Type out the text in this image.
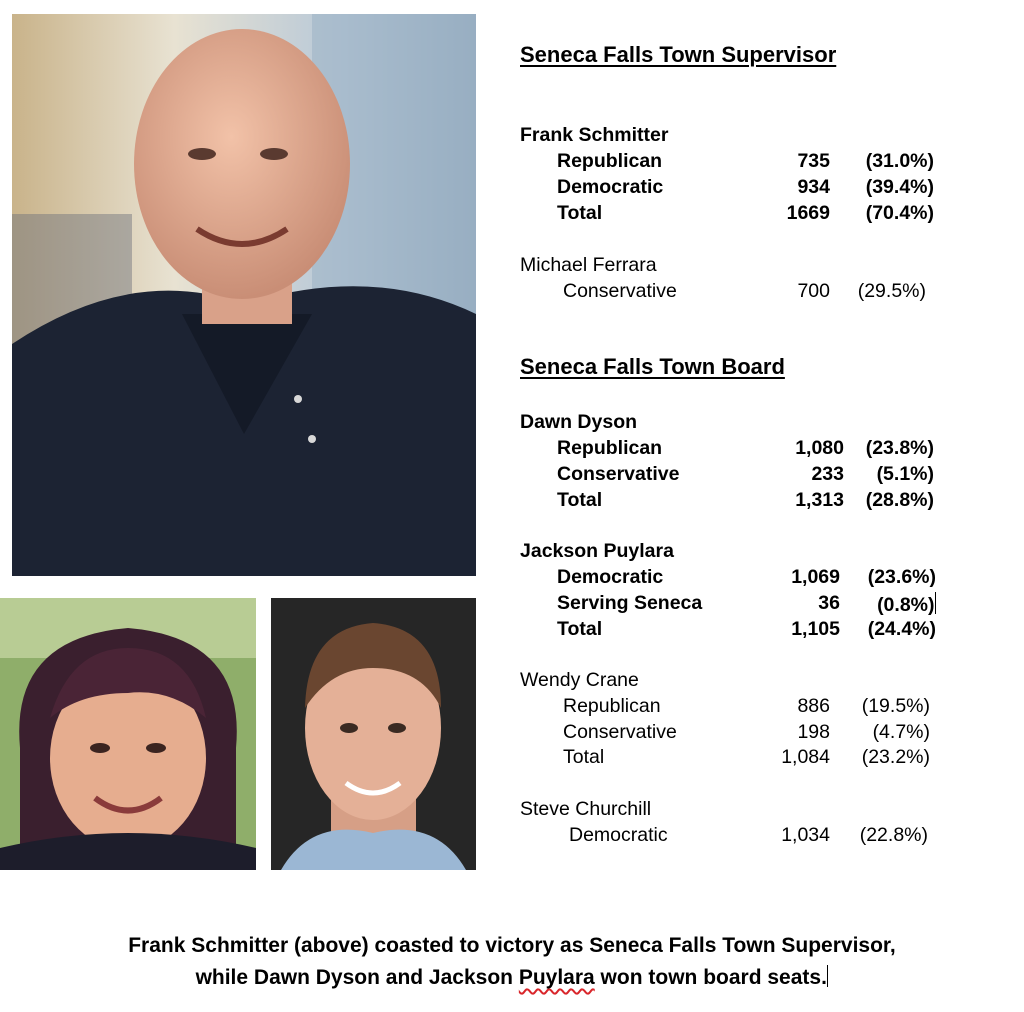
Seneca Falls Town Supervisor
Frank Schmitter
Republican	735	(31.0%)
Democratic	934	(39.4%)
Total	1669	(70.4%)
Michael Ferrara
Conservative	700	(29.5%)
Seneca Falls Town Board
Dawn Dyson
Republican	1,080	(23.8%)
Conservative	233	(5.1%)
Total	1,313	(28.8%)
Jackson Puylara
Democratic	1,069	(23.6%)
Serving Seneca	36	(0.8%)
Total	1,105	(24.4%)
Wendy Crane
Republican	886	(19.5%)
Conservative	198	(4.7%)
Total	1,084	(23.2%)
Steve Churchill
Democratic	1,034	(22.8%)
Frank Schmitter (above) coasted to victory as Seneca Falls Town Supervisor,
while Dawn Dyson and Jackson Puylara won town board seats.
